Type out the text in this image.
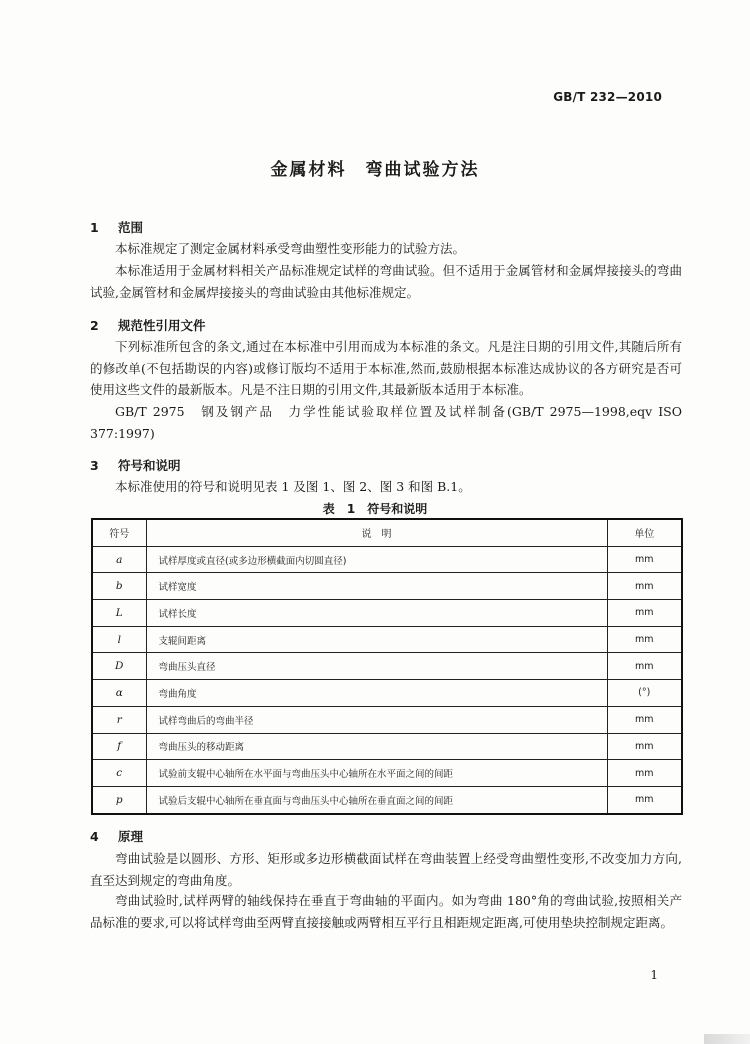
GB/T 232—2010
金属材料　弯曲试验方法
1 范围
本标准规定了测定金属材料承受弯曲塑性变形能力的试验方法。
本标准适用于金属材料相关产品标准规定试样的弯曲试验。但不适用于金属管材和金属焊接接头的弯曲试验,金属管材和金属焊接接头的弯曲试验由其他标准规定。
2 规范性引用文件
下列标准所包含的条文,通过在本标准中引用而成为本标准的条文。凡是注日期的引用文件,其随后所有的修改单(不包括勘误的内容)或修订版均不适用于本标准,然而,鼓励根据本标准达成协议的各方研究是否可使用这些文件的最新版本。凡是不注日期的引用文件,其最新版本适用于本标准。
GB/T 2975　钢及钢产品　力学性能试验取样位置及试样制备(GB/T 2975—1998,eqv ISO 377:1997)
3 符号和说明
本标准使用的符号和说明见表 1 及图 1、图 2、图 3 和图 B.1。
表 1　符号和说明
符号	说　明	单位
a	试样厚度或直径(或多边形横截面内切圆直径)	mm
b	试样宽度	mm
L	试样长度	mm
l	支辊间距离	mm
D	弯曲压头直径	mm
α	弯曲角度	(°)
r	试样弯曲后的弯曲半径	mm
f	弯曲压头的移动距离	mm
c	试验前支辊中心轴所在水平面与弯曲压头中心轴所在水平面之间的间距	mm
p	试验后支辊中心轴所在垂直面与弯曲压头中心轴所在垂直面之间的间距	mm
4 原理
弯曲试验是以圆形、方形、矩形或多边形横截面试样在弯曲装置上经受弯曲塑性变形,不改变加力方向,直至达到规定的弯曲角度。
弯曲试验时,试样两臂的轴线保持在垂直于弯曲轴的平面内。如为弯曲 180°角的弯曲试验,按照相关产品标准的要求,可以将试样弯曲至两臂直接接触或两臂相互平行且相距规定距离,可使用垫块控制规定距离。
1
